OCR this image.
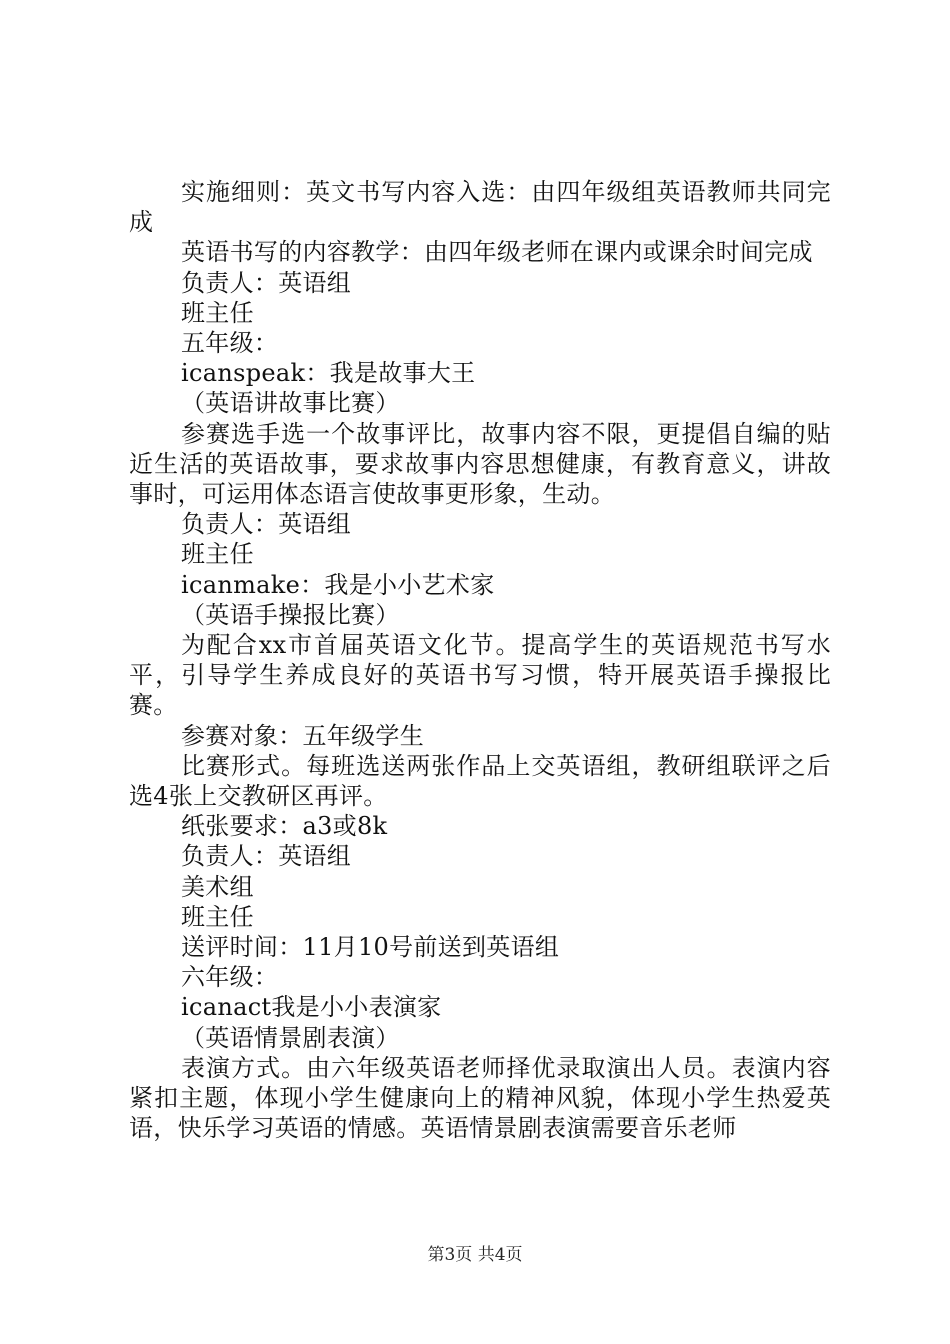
实施细则：英文书写内容入选：由四年级组英语教师共同完成

英语书写的内容教学：由四年级老师在课内或课余时间完成

负责人：英语组

班主任

五年级：

icanspeak：我是故事大王

（英语讲故事比赛）

参赛选手选一个故事评比，故事内容不限，更提倡自编的贴近生活的英语故事，要求故事内容思想健康，有教育意义，讲故事时，可运用体态语言使故事更形象，生动。

负责人：英语组

班主任

icanmake：我是小小艺术家

（英语手操报比赛）

为配合xx市首届英语文化节。提高学生的英语规范书写水平，引导学生养成良好的英语书写习惯，特开展英语手操报比赛。

参赛对象：五年级学生

比赛形式。每班选送两张作品上交英语组，教研组联评之后选4张上交教研区再评。

纸张要求：a3或8k

负责人：英语组

美术组

班主任

送评时间：11月10号前送到英语组

六年级：

icanact我是小小表演家

（英语情景剧表演）

表演方式。由六年级英语老师择优录取演出人员。表演内容紧扣主题，体现小学生健康向上的精神风貌，体现小学生热爱英语，快乐学习英语的情感。英语情景剧表演需要音乐老师

第3页 共4页
